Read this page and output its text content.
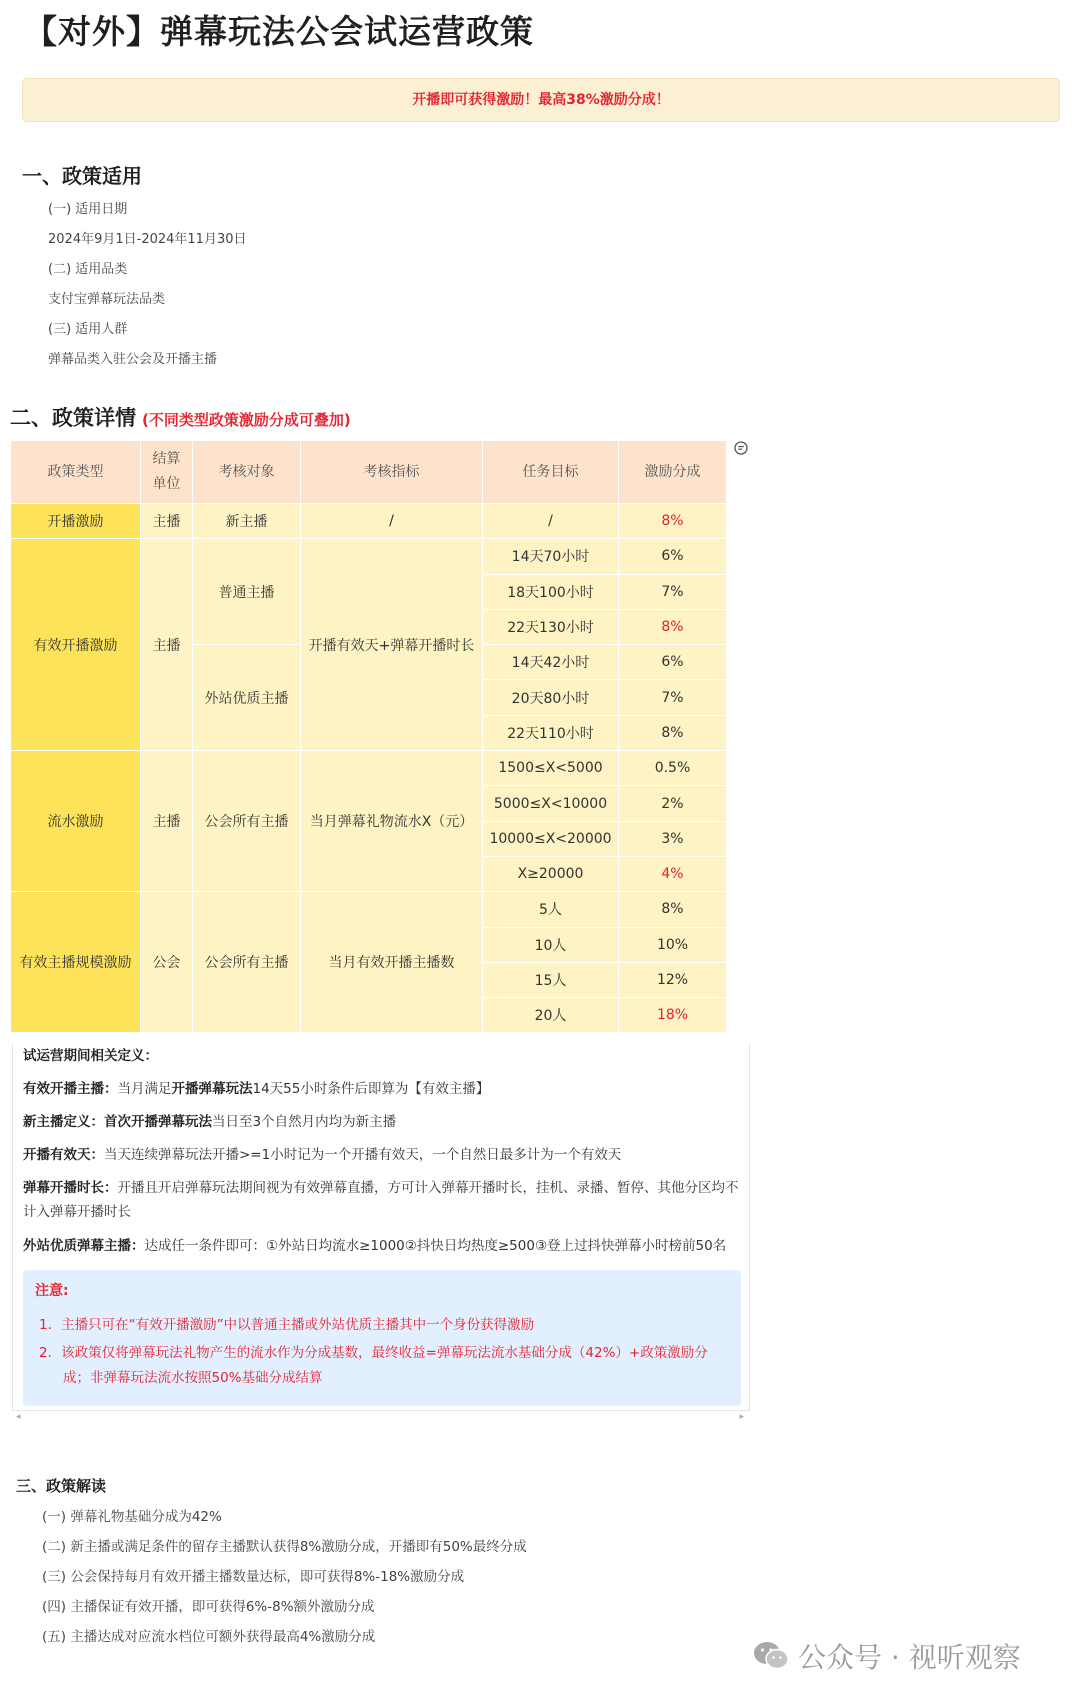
【对外】弹幕玩法公会试运营政策
开播即可获得激励！最高38%激励分成！
一、政策适用
(一) 适用日期
2024年9月1日-2024年11月30日
(二) 适用品类
支付宝弹幕玩法品类
(三) 适用人群
弹幕品类入驻公会及开播主播
二、政策详情 (不同类型政策激励分成可叠加)
政策类型	结算单位	考核对象	考核指标	任务目标	激励分成
开播激励	主播	新主播	/	/	8%
有效开播激励	主播	普通主播	开播有效天+弹幕开播时长	14天70小时	6%
				18天100小时	7%
				22天130小时	8%
		外站优质主播		14天42小时	6%
				20天80小时	7%
				22天110小时	8%
流水激励	主播	公会所有主播	当月弹幕礼物流水X（元）	1500≤X<5000	0.5%
				5000≤X<10000	2%
				10000≤X<20000	3%
				X≥20000	4%
有效主播规模激励	公会	公会所有主播	当月有效开播主播数	5人	8%
				10人	10%
				15人	12%
				20人	18%
试运营期间相关定义：
有效开播主播：当月满足开播弹幕玩法14天55小时条件后即算为【有效主播】
新主播定义：首次开播弹幕玩法当日至3个自然月内均为新主播
开播有效天：当天连续弹幕玩法开播>=1小时记为一个开播有效天，一个自然日最多计为一个有效天
弹幕开播时长：开播且开启弹幕玩法期间视为有效弹幕直播，方可计入弹幕开播时长，挂机、录播、暂停、其他分区均不计入弹幕开播时长
外站优质弹幕主播：达成任一条件即可：①外站日均流水≥1000②抖快日均热度≥500③登上过抖快弹幕小时榜前50名
注意:
1．主播只可在“有效开播激励”中以普通主播或外站优质主播其中一个身份获得激励
2．该政策仅将弹幕玩法礼物产生的流水作为分成基数，最终收益=弹幕玩法流水基础分成（42%）+政策激励分成；非弹幕玩法流水按照50%基础分成结算
◂	▸
三、政策解读
(一) 弹幕礼物基础分成为42%
(二) 新主播或满足条件的留存主播默认获得8%激励分成，开播即有50%最终分成
(三) 公会保持每月有效开播主播数量达标，即可获得8%-18%激励分成
(四) 主播保证有效开播，即可获得6%-8%额外激励分成
(五) 主播达成对应流水档位可额外获得最高4%激励分成
公众号 · 视听观察
